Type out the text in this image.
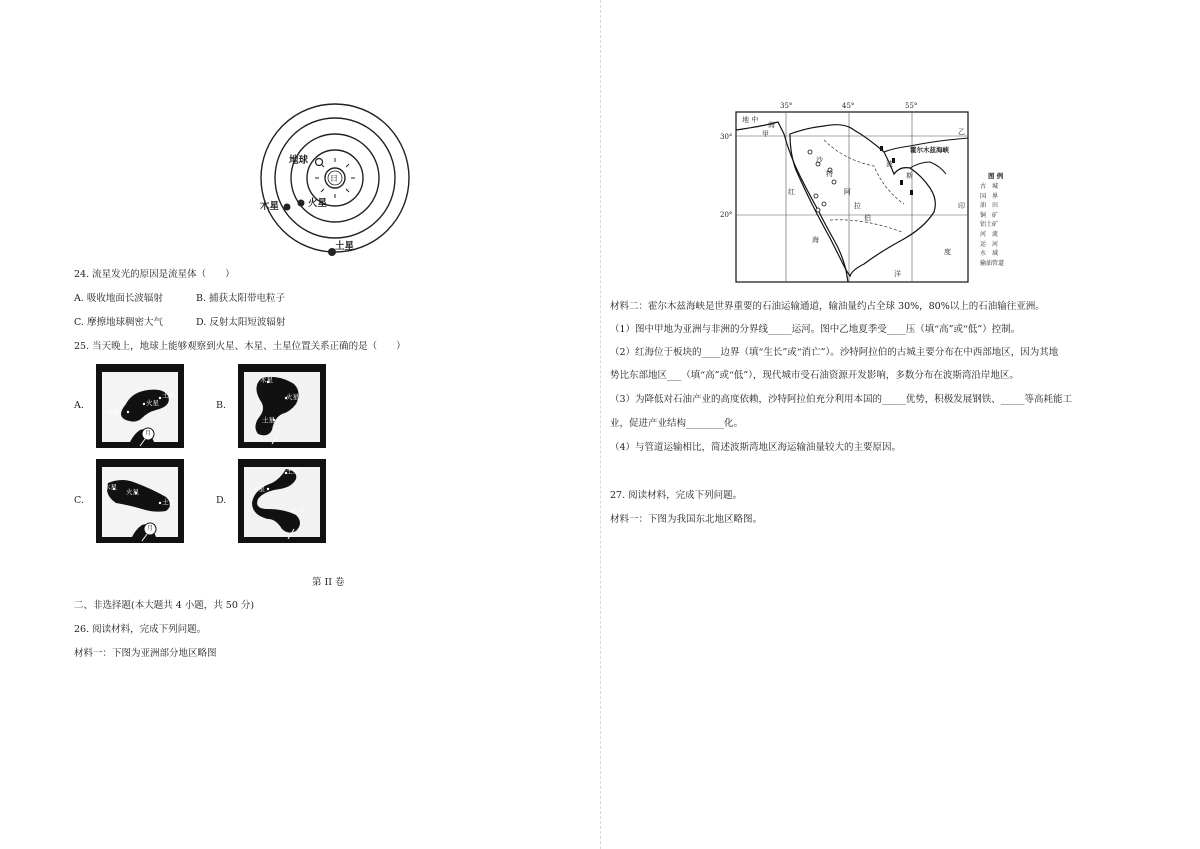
地球
日
木星	火星
土星
24. 流星发光的原因是流星体（　　）
A. 吸收地面长波辐射	B. 捕获太阳带电粒子
C. 摩擦地球稠密大气	D. 反射太阳短波辐射
25. 当天晚上，地球上能够观察到火星、木星、土星位置关系正确的是（　　）
A.
土星
火星
木星
月
B.
木星
火星
土星
C.
木星
火星
土星
月
D.
土星
木星
火星
第 II 卷
二、非选择题(本大题共 4 小题，共 50 分)
26. 阅读材料，完成下列问题。
材料一：下图为亚洲部分地区略图
35°	45°	55°
30°
20°
地 中
海
甲	乙
霍尔木兹海峡
沙
特
阿
拉
伯
红
海
印
度
洋
波
斯	图 例
古　城
国　界
油　田
铜　矿
铝土矿
河　流
运　河
水　域
输油管道
材料二：霍尔木兹海峡是世界重要的石油运输通道，输油量约占全球 30%，80%以上的石油输往亚洲。
（1）图中甲地为亚洲与非洲的分界线_____运河。图中乙地夏季受____压（填“高”或“低”）控制。
（2）红海位于板块的____边界（填“生长”或“消亡”）。沙特阿拉伯的古城主要分布在中西部地区，因为其地
势比东部地区___（填“高”或“低”），现代城市受石油资源开发影响，多数分布在波斯湾沿岸地区。
（3）为降低对石油产业的高度依赖，沙特阿拉伯充分利用本国的_____优势，积极发展钢铁、_____等高耗能工
业，促进产业结构________化。
（4）与管道运输相比，简述波斯湾地区海运输油量较大的主要原因。
27. 阅读材料，完成下列问题。
材料一：下图为我国东北地区略图。
